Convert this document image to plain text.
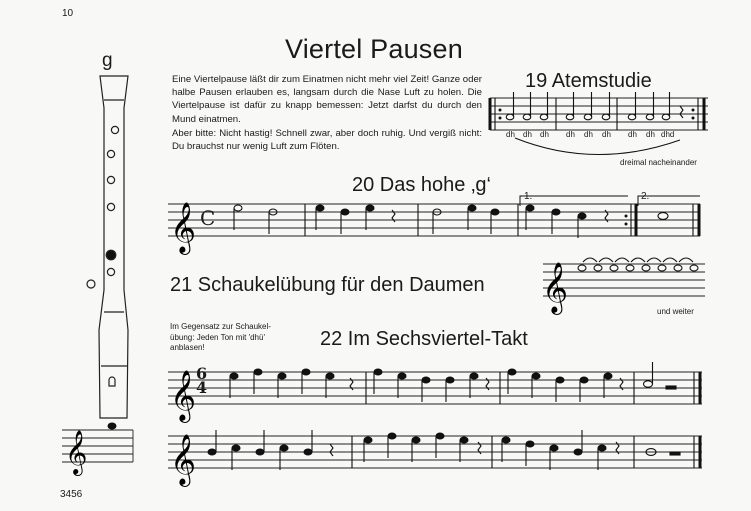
10
3456
Viertel Pausen
g
Eine Viertelpause läßt dir zum Einatmen nicht mehr viel Zeit! Ganze oder halbe Pausen erlauben es, langsam durch die Nase Luft zu holen. Die Viertelpause ist dafür zu knapp bemessen: Jetzt darfst du durch den Mund einatmen.
Aber bitte: Nicht hastig! Schnell zwar, aber doch ruhig. Und vergiß nicht: Du brauchst nur wenig Luft zum Flöten.
19 Atemstudie
dreimal nacheinander
20 Das hohe ‚g‘
21 Schaukelübung für den Daumen
und weiter
22 Im Sechsviertel-Takt
Im Gegensatz zur Schaukel-übung: Jeden Ton mit 'dhü' anblasen!
dh dh dh dh dh dh dh dh dhd
1.	2.
C
6
4
𝄞
𝄞
𝄞
𝄞
𝄞
